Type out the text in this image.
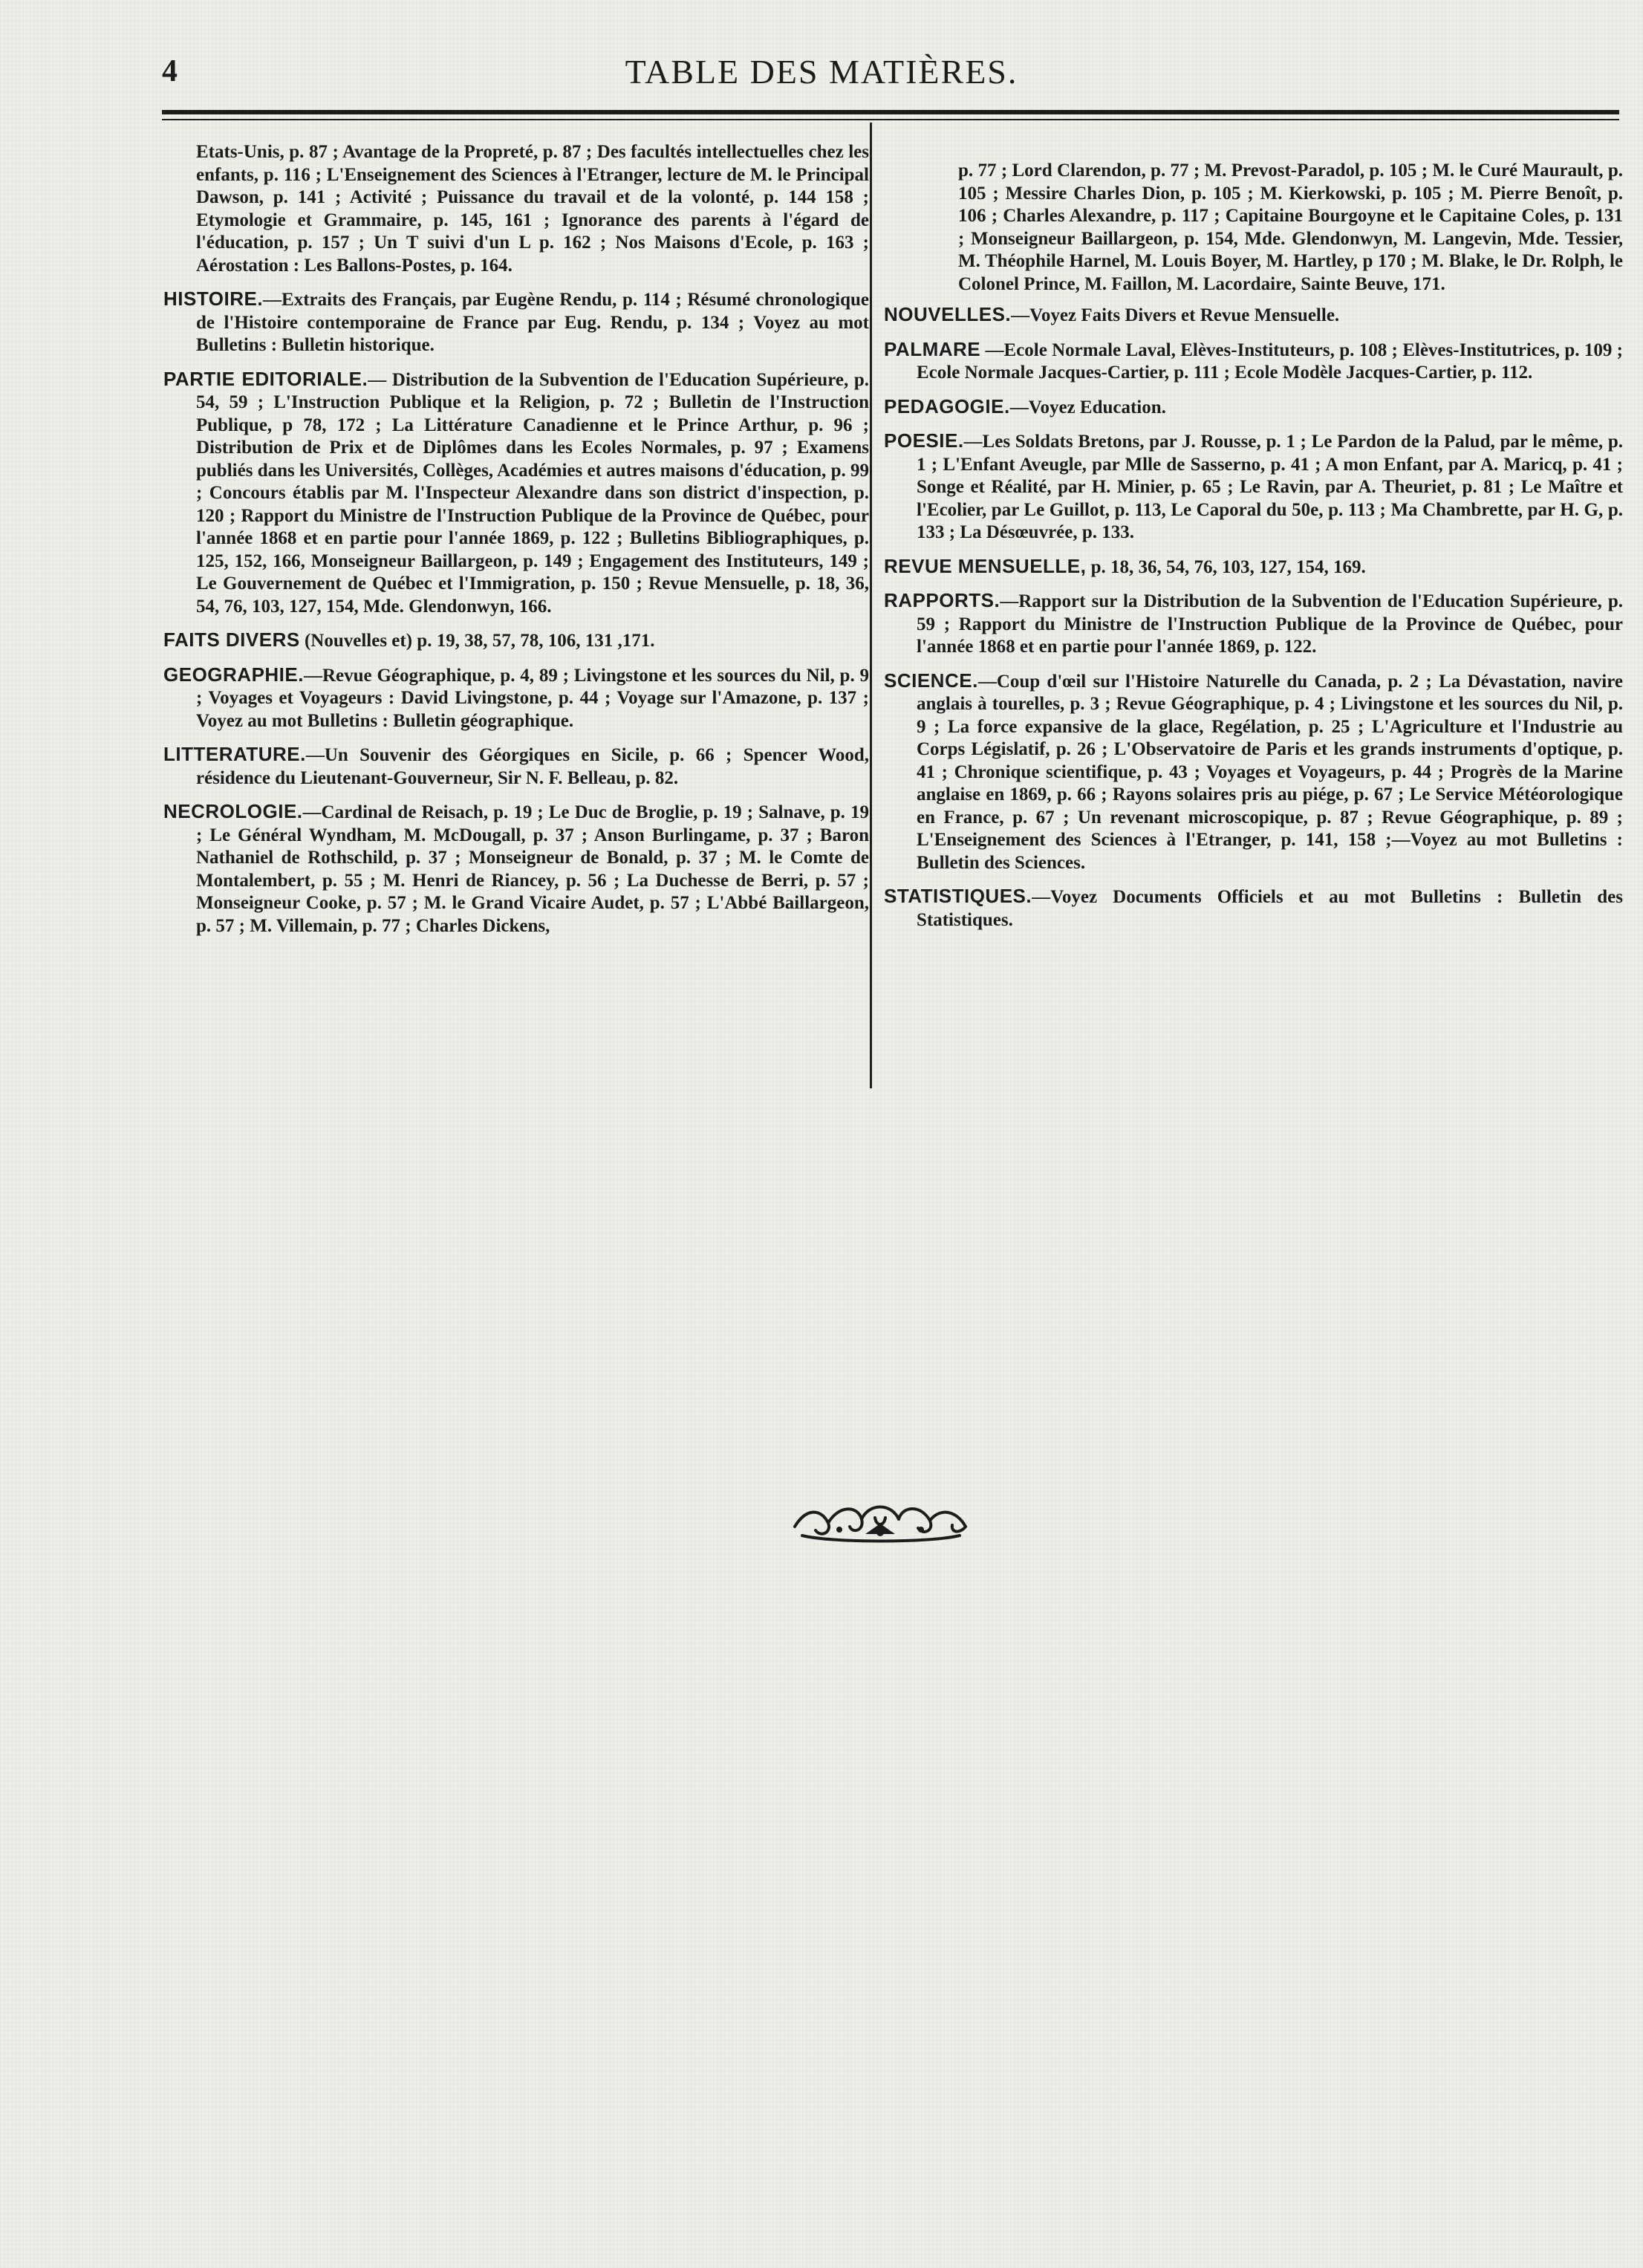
4	TABLE DES MATIÈRES.

Etats-Unis, p. 87 ; Avantage de la Propreté, p. 87 ; Des facultés intellectuelles chez les enfants, p. 116 ; L'Enseignement des Sciences à l'Etranger, lecture de M. le Principal Dawson, p. 141 ; Activité ; Puissance du travail et de la volonté, p. 144 158 ; Etymologie et Grammaire, p. 145, 161 ; Ignorance des parents à l'égard de l'éducation, p. 157 ; Un T suivi d'un L p. 162 ; Nos Maisons d'Ecole, p. 163 ; Aérostation : Les Ballons-Postes, p. 164.

HISTOIRE.—Extraits des Français, par Eugène Rendu, p. 114 ; Résumé chronologique de l'Histoire contemporaine de France par Eug. Rendu, p. 134 ; Voyez au mot Bulletins : Bulletin historique.

PARTIE EDITORIALE.— Distribution de la Subvention de l'Education Supérieure, p. 54, 59 ; L'Instruction Publique et la Religion, p. 72 ; Bulletin de l'Instruction Publique, p 78, 172 ; La Littérature Canadienne et le Prince Arthur, p. 96 ; Distribution de Prix et de Diplômes dans les Ecoles Normales, p. 97 ; Examens publiés dans les Universités, Collèges, Académies et autres maisons d'éducation, p. 99 ; Concours établis par M. l'Inspecteur Alexandre dans son district d'inspection, p. 120 ; Rapport du Ministre de l'Instruction Publique de la Province de Québec, pour l'année 1868 et en partie pour l'année 1869, p. 122 ; Bulletins Bibliographiques, p. 125, 152, 166, Monseigneur Baillargeon, p. 149 ; Engagement des Instituteurs, 149 ; Le Gouvernement de Québec et l'Immigration, p. 150 ; Revue Mensuelle, p. 18, 36, 54, 76, 103, 127, 154, Mde. Glendonwyn, 166.

FAITS DIVERS (Nouvelles et) p. 19, 38, 57, 78, 106, 131 ,171.

GEOGRAPHIE.—Revue Géographique, p. 4, 89 ; Livingstone et les sources du Nil, p. 9 ; Voyages et Voyageurs : David Livingstone, p. 44 ; Voyage sur l'Amazone, p. 137 ; Voyez au mot Bulletins : Bulletin géographique.

LITTERATURE.—Un Souvenir des Géorgiques en Sicile, p. 66 ; Spencer Wood, résidence du Lieutenant-Gouverneur, Sir N. F. Belleau, p. 82.

NECROLOGIE.—Cardinal de Reisach, p. 19 ; Le Duc de Broglie, p. 19 ; Salnave, p. 19 ; Le Général Wyndham, M. McDougall, p. 37 ; Anson Burlingame, p. 37 ; Baron Nathaniel de Rothschild, p. 37 ; Monseigneur de Bonald, p. 37 ; M. le Comte de Montalembert, p. 55 ; M. Henri de Riancey, p. 56 ; La Duchesse de Berri, p. 57 ; Monseigneur Cooke, p. 57 ; M. le Grand Vicaire Audet, p. 57 ; L'Abbé Baillargeon, p. 57 ; M. Villemain, p. 77 ; Charles Dickens,

p. 77 ; Lord Clarendon, p. 77 ; M. Prevost-Paradol, p. 105 ; M. le Curé Maurault, p. 105 ; Messire Charles Dion, p. 105 ; M. Kierkowski, p. 105 ; M. Pierre Benoît, p. 106 ; Charles Alexandre, p. 117 ; Capitaine Bourgoyne et le Capitaine Coles, p. 131 ; Monseigneur Baillargeon, p. 154, Mde. Glendonwyn, M. Langevin, Mde. Tessier, M. Théophile Harnel, M. Louis Boyer, M. Hartley, p 170 ; M. Blake, le Dr. Rolph, le Colonel Prince, M. Faillon, M. Lacordaire, Sainte Beuve, 171.

NOUVELLES.—Voyez Faits Divers et Revue Mensuelle.

PALMARE —Ecole Normale Laval, Elèves-Instituteurs, p. 108 ; Elèves-Institutrices, p. 109 ; Ecole Normale Jacques-Cartier, p. 111 ; Ecole Modèle Jacques-Cartier, p. 112.

PEDAGOGIE.—Voyez Education.

POESIE.—Les Soldats Bretons, par J. Rousse, p. 1 ; Le Pardon de la Palud, par le même, p. 1 ; L'Enfant Aveugle, par Mlle de Sasserno, p. 41 ; A mon Enfant, par A. Maricq, p. 41 ; Songe et Réalité, par H. Minier, p. 65 ; Le Ravin, par A. Theuriet, p. 81 ; Le Maître et l'Ecolier, par Le Guillot, p. 113, Le Caporal du 50e, p. 113 ; Ma Chambrette, par H. G, p. 133 ; La Désœuvrée, p. 133.

REVUE MENSUELLE, p. 18, 36, 54, 76, 103, 127, 154, 169.

RAPPORTS.—Rapport sur la Distribution de la Subvention de l'Education Supérieure, p. 59 ; Rapport du Ministre de l'Instruction Publique de la Province de Québec, pour l'année 1868 et en partie pour l'année 1869, p. 122.

SCIENCE.—Coup d'œil sur l'Histoire Naturelle du Canada, p. 2 ; La Dévastation, navire anglais à tourelles, p. 3 ; Revue Géographique, p. 4 ; Livingstone et les sources du Nil, p. 9 ; La force expansive de la glace, Regélation, p. 25 ; L'Agriculture et l'Industrie au Corps Législatif, p. 26 ; L'Observatoire de Paris et les grands instruments d'optique, p. 41 ; Chronique scientifique, p. 43 ; Voyages et Voyageurs, p. 44 ; Progrès de la Marine anglaise en 1869, p. 66 ; Rayons solaires pris au piége, p. 67 ; Le Service Météorologique en France, p. 67 ; Un revenant microscopique, p. 87 ; Revue Géographique, p. 89 ; L'Enseignement des Sciences à l'Etranger, p. 141, 158 ;—Voyez au mot Bulletins : Bulletin des Sciences.

STATISTIQUES.—Voyez Documents Officiels et au mot Bulletins : Bulletin des Statistiques.
